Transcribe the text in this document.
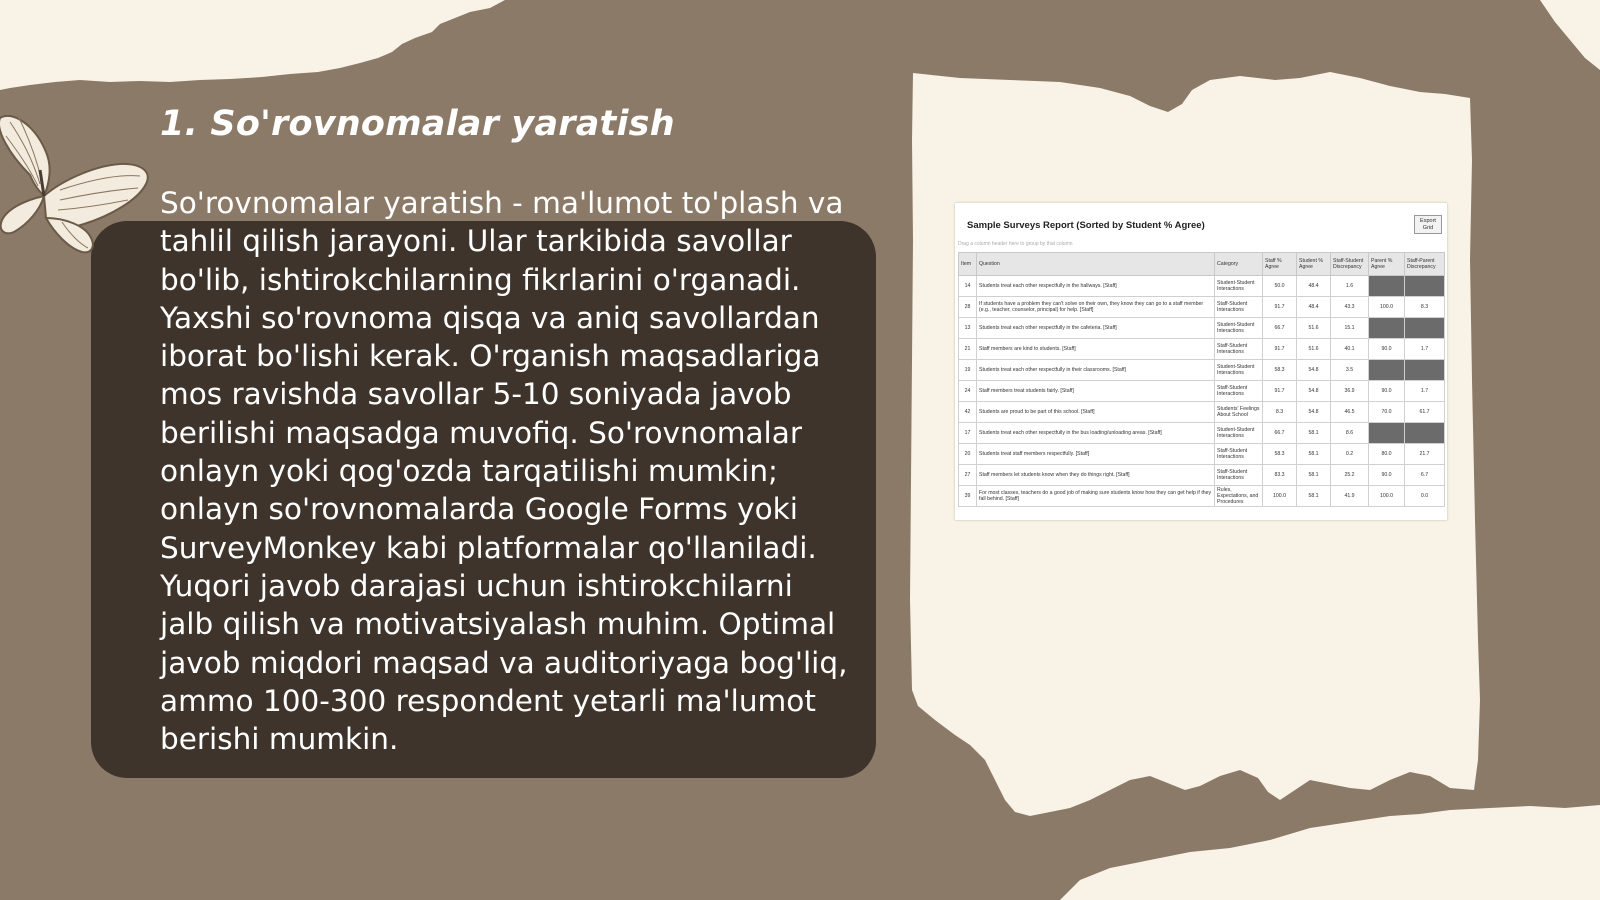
1. So'rovnomalar yaratish

So'rovnomalar yaratish - ma'lumot to'plash va tahlil qilish jarayoni. Ular tarkibida savollar bo'lib, ishtirokchilarning fikrlarini o'rganadi. Yaxshi so'rovnoma qisqa va aniq savollardan iborat bo'lishi kerak. O'rganish maqsadlariga mos ravishda savollar 5-10 soniyada javob berilishi maqsadga muvofiq. So'rovnomalar onlayn yoki qog'ozda tarqatilishi mumkin; onlayn so'rovnomalarda Google Forms yoki SurveyMonkey kabi platformalar qo'llaniladi. Yuqori javob darajasi uchun ishtirokchilarni jalb qilish va motivatsiyalash muhim. Optimal javob miqdori maqsad va auditoriyaga bog'liq, ammo 100-300 respondent yetarli ma'lumot berishi mumkin.

Sample Surveys Report (Sorted by Student % Agree)	Export Grid
Drag a column header here to group by that column
Item	Question	Category	Staff % Agree	Student % Agree	Staff-Student Discrepancy	Parent % Agree	Staff-Parent Discrepancy
14	Students treat each other respectfully in the hallways. [Staff]	Student-Student Interactions	50.0	48.4	1.6		
28	If students have a problem they can't solve on their own, they know they can go to a staff member (e.g., teacher, counselor, principal) for help. [Staff]	Staff-Student Interactions	91.7	48.4	43.3	100.0	8.3
13	Students treat each other respectfully in the cafeteria. [Staff]	Student-Student Interactions	66.7	51.6	15.1		
21	Staff members are kind to students. [Staff]	Staff-Student Interactions	91.7	51.6	40.1	90.0	1.7
19	Students treat each other respectfully in their classrooms. [Staff]	Student-Student Interactions	58.3	54.8	3.5		
24	Staff members treat students fairly. [Staff]	Staff-Student Interactions	91.7	54.8	36.9	90.0	1.7
42	Students are proud to be part of this school. [Staff]	Students' Feelings About School	8.3	54.8	46.5	70.0	61.7
17	Students treat each other respectfully in the bus loading/unloading areas. [Staff]	Student-Student Interactions	66.7	58.1	8.6		
20	Students treat staff members respectfully. [Staff]	Staff-Student Interactions	58.3	58.1	0.2	80.0	21.7
27	Staff members let students know when they do things right. [Staff]	Staff-Student Interactions	83.3	58.1	25.2	90.0	6.7
39	For most classes, teachers do a good job of making sure students know how they can get help if they fall behind. [Staff]	Rules, Expectations, and Procedures	100.0	58.1	41.9	100.0	0.0
